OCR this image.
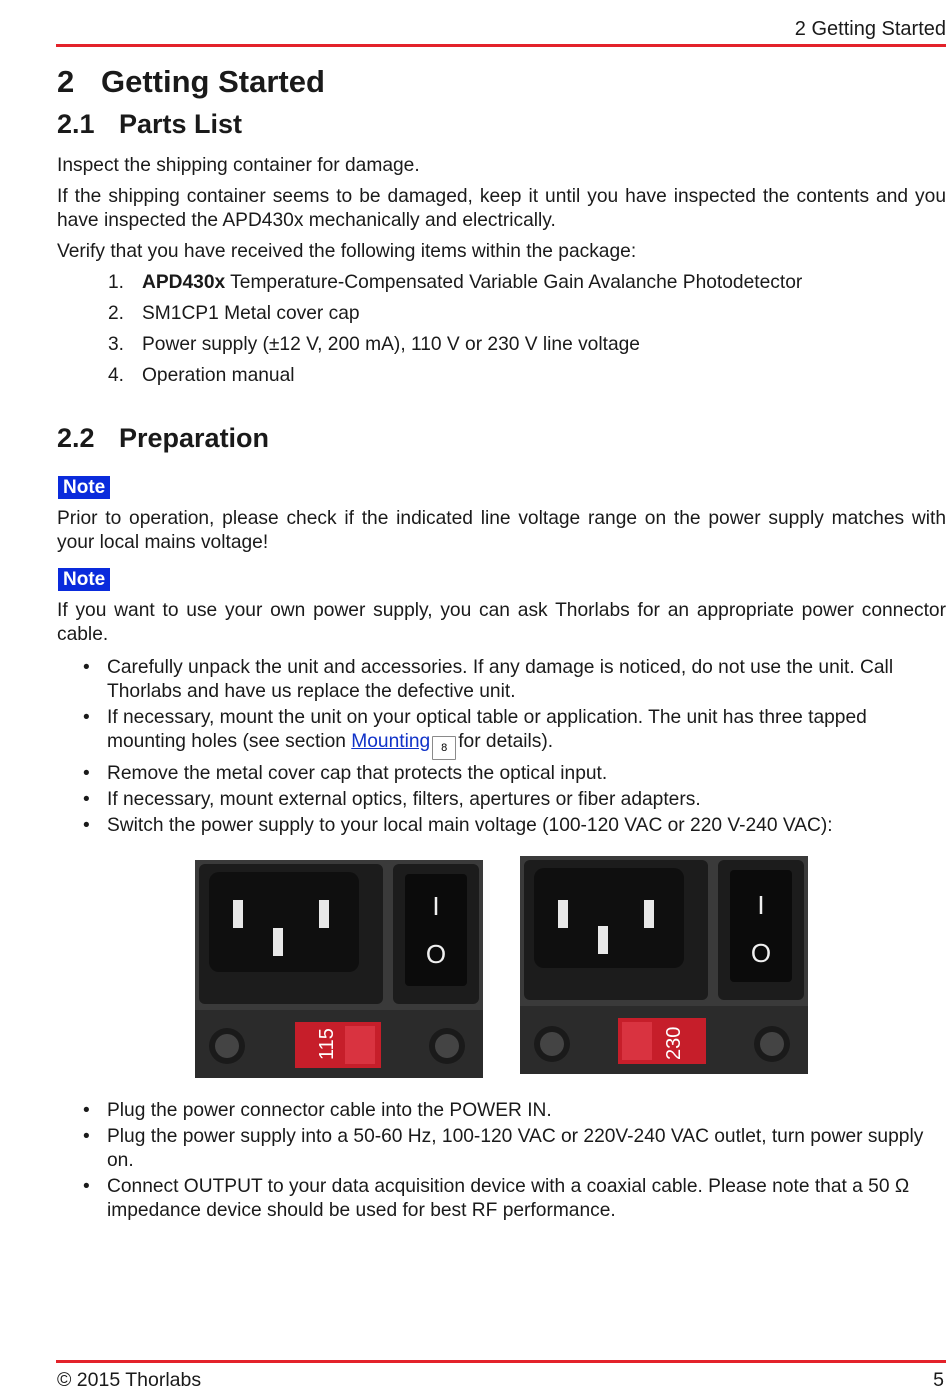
2 Getting Started
2 Getting Started
2.1 Parts List

Inspect the shipping container for damage.

If the shipping container seems to be damaged, keep it until you have inspected the contents and you have inspected the APD430x mechanically and electrically.

Verify that you have received the following items within the package:

1. APD430x Temperature-Compensated Variable Gain Avalanche Photodetector
2. SM1CP1 Metal cover cap
3. Power supply (±12 V, 200 mA), 110 V or 230 V line voltage
4. Operation manual
2.2 Preparation
Note

Prior to operation, please check if the indicated line voltage range on the power supply matches with your local mains voltage!

Note

If you want to use your own power supply, you can ask Thorlabs for an appropriate power connector cable.

• Carefully unpack the unit and accessories. If any damage is noticed, do not use the unit. Call Thorlabs and have us replace the defective unit.
• If necessary, mount the unit on your optical table or application. The unit has three tapped mounting holes (see section Mounting 8 for details).
• Remove the metal cover cap that protects the optical input.
• If necessary, mount external optics, filters, apertures or fiber adapters.
• Switch the power supply to your local main voltage (100-120 VAC or 220 V-240 VAC):
I
O
115
I
O
230
• Plug the power connector cable into the POWER IN.
• Plug the power supply into a 50-60 Hz, 100-120 VAC or 220V-240 VAC outlet, turn power supply on.
• Connect OUTPUT to your data acquisition device with a coaxial cable. Please note that a 50 Ω impedance device should be used for best RF performance.
© 2015 Thorlabs	5
